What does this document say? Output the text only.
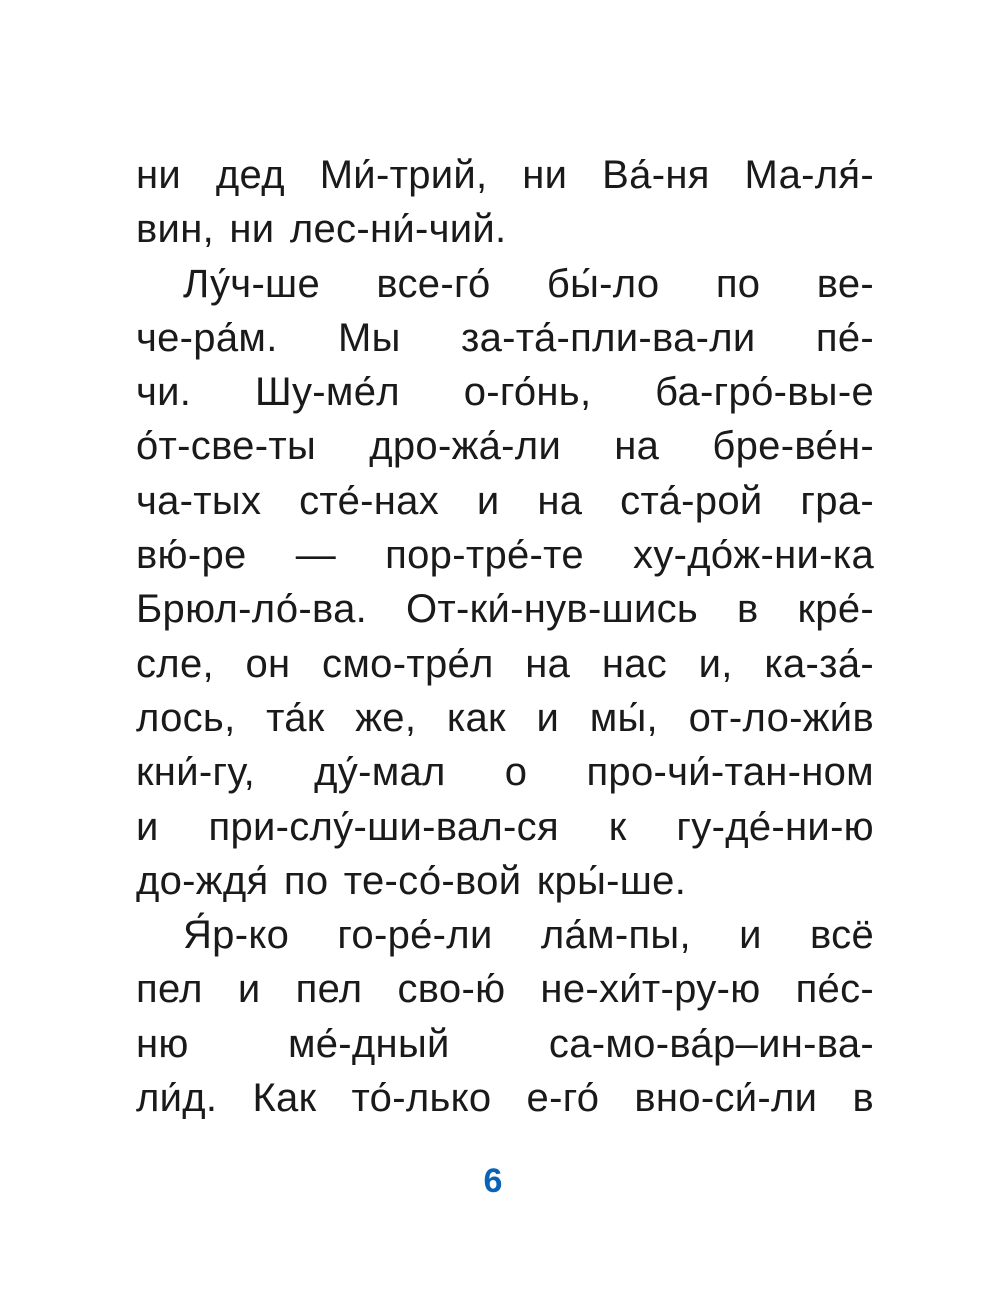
ни дед Ми́-трий, ни Ва́-ня Ма-ля́-
вин, ни лес-ни́-чий.
Лу́ч-ше все-го́ бы́-ло по ве-
че-ра́м. Мы за-та́-пли-ва-ли пе́-
чи. Шу-ме́л о-го́нь, ба-гро́-вы-е
о́т-све-ты дро-жа́-ли на бре-ве́н-
ча-тых сте́-нах и на ста́-рой гра-
вю́-ре — пор-тре́-те ху-до́ж-ни-ка
Брюл-ло́-ва. От-ки́-нув-шись в кре́-
сле, он смо-тре́л на нас и, ка-за́-
лось, та́к же, как и мы́, от-ло-жи́в
кни́-гу, ду́-мал о про-чи́-тан-ном
и при-слу́-ши-вал-ся к гу-де́-ни-ю
до-ждя́ по те-со́-вой кры́-ше.
Я́р-ко го-ре́-ли ла́м-пы, и всё
пел и пел сво-ю́ не-хи́т-ру-ю пе́с-
ню ме́-дный са-мо-ва́р–ин-ва-
ли́д. Как то́-лько е-го́ вно-си́-ли в
6
